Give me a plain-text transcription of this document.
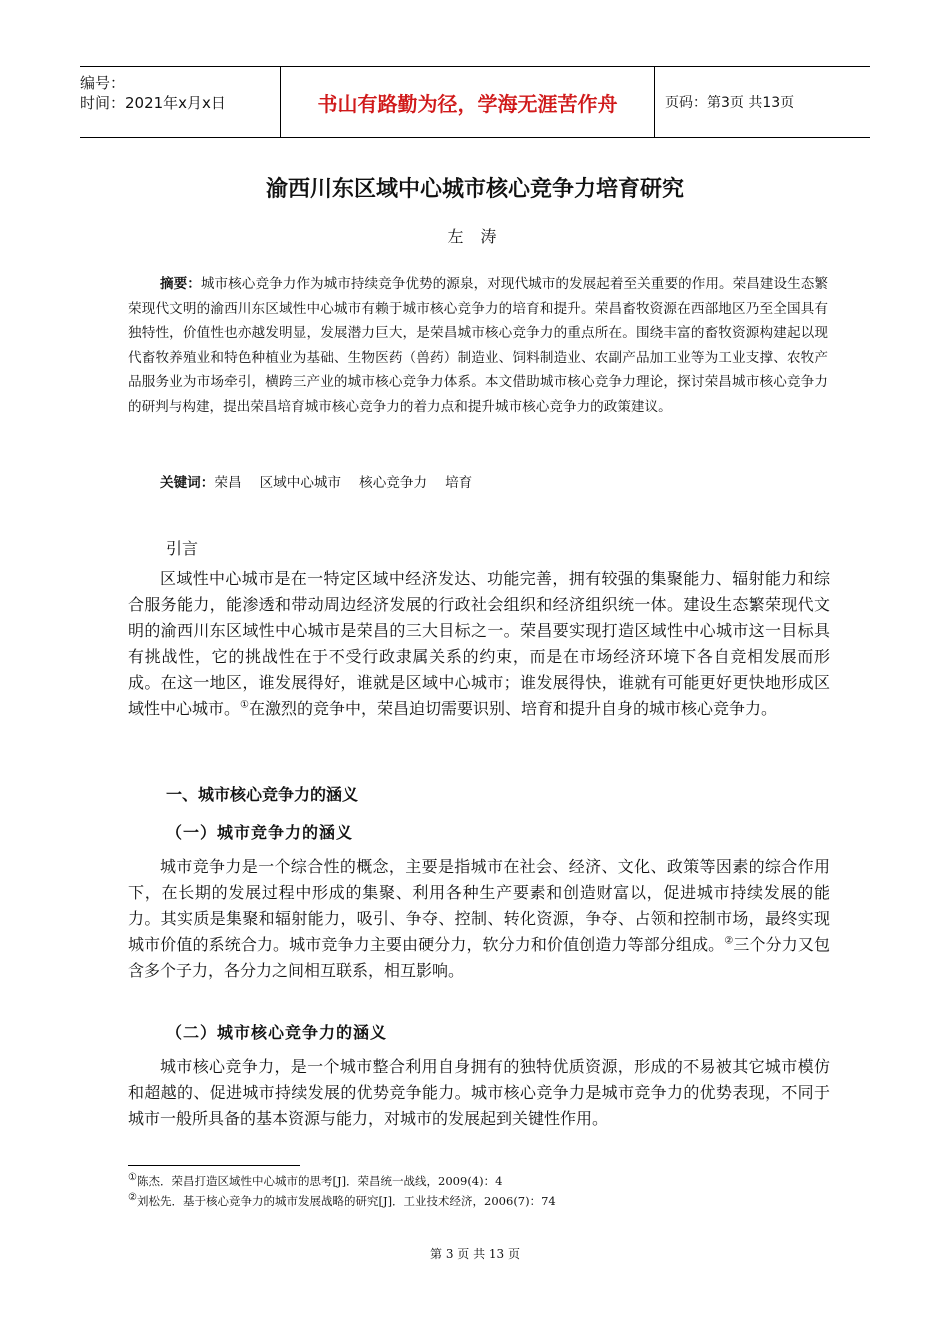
编号：
时间：2021年x月x日	书山有路勤为径，学海无涯苦作舟	页码：第3页 共13页
渝西川东区域中心城市核心竞争力培育研究
左 涛
摘要：城市核心竞争力作为城市持续竞争优势的源泉，对现代城市的发展起着至关重要的作用。荣昌建设生态繁荣现代文明的渝西川东区域性中心城市有赖于城市核心竞争力的培育和提升。荣昌畜牧资源在西部地区乃至全国具有独特性，价值性也亦越发明显，发展潜力巨大，是荣昌城市核心竞争力的重点所在。围绕丰富的畜牧资源构建起以现代畜牧养殖业和特色种植业为基础、生物医药（兽药）制造业、饲料制造业、农副产品加工业等为工业支撑、农牧产品服务业为市场牵引，横跨三产业的城市核心竞争力体系。本文借助城市核心竞争力理论，探讨荣昌城市核心竞争力的研判与构建，提出荣昌培育城市核心竞争力的着力点和提升城市核心竞争力的政策建议。
关键词：荣昌 区域中心城市 核心竞争力 培育
引言
区域性中心城市是在一特定区域中经济发达、功能完善，拥有较强的集聚能力、辐射能力和综合服务能力，能渗透和带动周边经济发展的行政社会组织和经济组织统一体。建设生态繁荣现代文明的渝西川东区域性中心城市是荣昌的三大目标之一。荣昌要实现打造区域性中心城市这一目标具有挑战性，它的挑战性在于不受行政隶属关系的约束，而是在市场经济环境下各自竞相发展而形成。在这一地区，谁发展得好，谁就是区域中心城市；谁发展得快，谁就有可能更好更快地形成区域性中心城市。①在激烈的竞争中，荣昌迫切需要识别、培育和提升自身的城市核心竞争力。
一、城市核心竞争力的涵义
（一）城市竞争力的涵义
城市竞争力是一个综合性的概念，主要是指城市在社会、经济、文化、政策等因素的综合作用下，在长期的发展过程中形成的集聚、利用各种生产要素和创造财富以，促进城市持续发展的能力。其实质是集聚和辐射能力，吸引、争夺、控制、转化资源，争夺、占领和控制市场，最终实现城市价值的系统合力。城市竞争力主要由硬分力，软分力和价值创造力等部分组成。②三个分力又包含多个子力，各分力之间相互联系，相互影响。
（二）城市核心竞争力的涵义
城市核心竞争力，是一个城市整合利用自身拥有的独特优质资源，形成的不易被其它城市模仿和超越的、促进城市持续发展的优势竞争能力。城市核心竞争力是城市竞争力的优势表现，不同于城市一般所具备的基本资源与能力，对城市的发展起到关键性作用。
①陈杰．荣昌打造区域性中心城市的思考[J]．荣昌统一战线，2009(4)：4
②刘松先．基于核心竞争力的城市发展战略的研究[J]．工业技术经济，2006(7)：74
第 3 页 共 13 页
